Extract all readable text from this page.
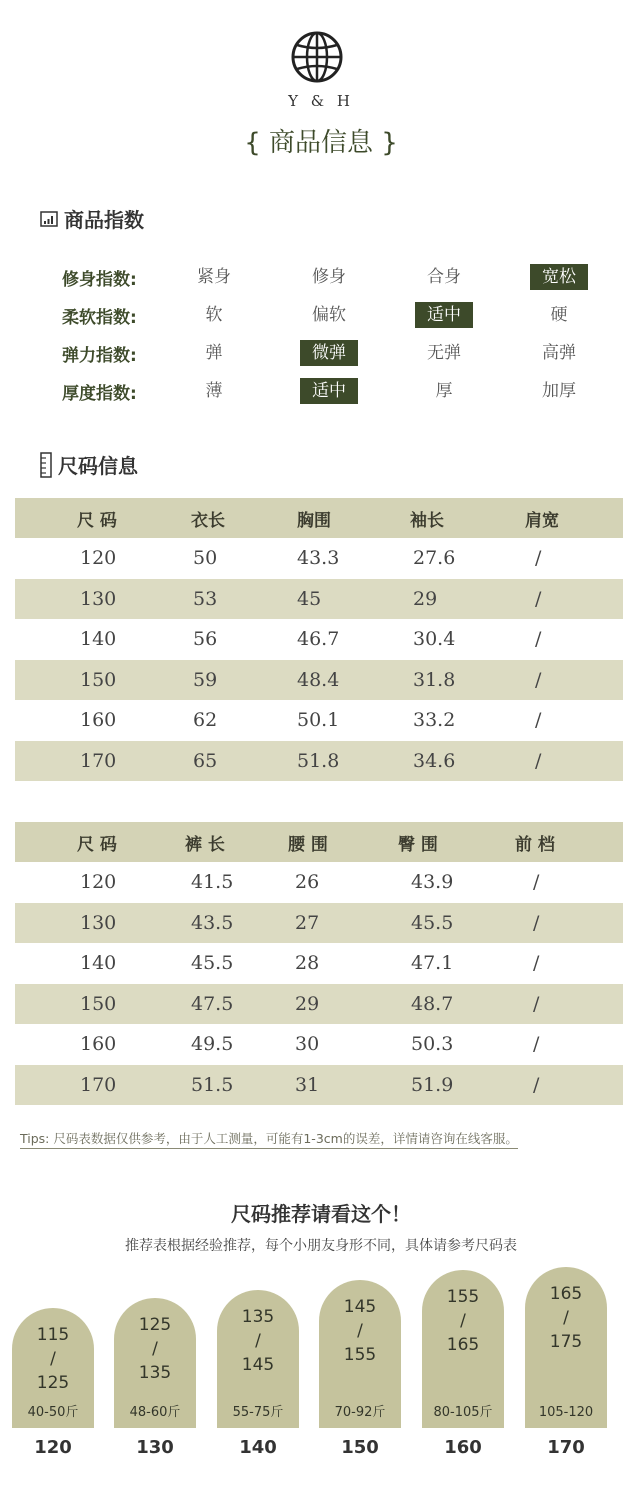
Y & H
{ 商品信息 }
商品指数
修身指数:	紧身	修身	合身	宽松
柔软指数:	软	偏软	适中	硬
弹力指数:	弹	微弹	无弹	高弹
厚度指数:	薄	适中	厚	加厚
尺码信息
尺 码	衣长	胸围	袖长	肩宽
120	50	43.3	27.6	/
130	53	45	29	/
140	56	46.7	30.4	/
150	59	48.4	31.8	/
160	62	50.1	33.2	/
170	65	51.8	34.6	/
尺 码	裤 长	腰 围	臀 围	前 档
120	41.5	26	43.9	/
130	43.5	27	45.5	/
140	45.5	28	47.1	/
150	47.5	29	48.7	/
160	49.5	30	50.3	/
170	51.5	31	51.9	/
Tips: 尺码表数据仅供参考，由于人工测量，可能有1-3cm的误差，详情请咨询在线客服。
尺码推荐请看这个！
推荐表根据经验推荐，每个小朋友身形不同，具体请参考尺码表
115
/
125
40-50斤
120
125
/
135
48-60斤
130
135
/
145
55-75斤
140
145
/
155
70-92斤
150
155
/
165
80-105斤
160
165
/
175
105-120
170
